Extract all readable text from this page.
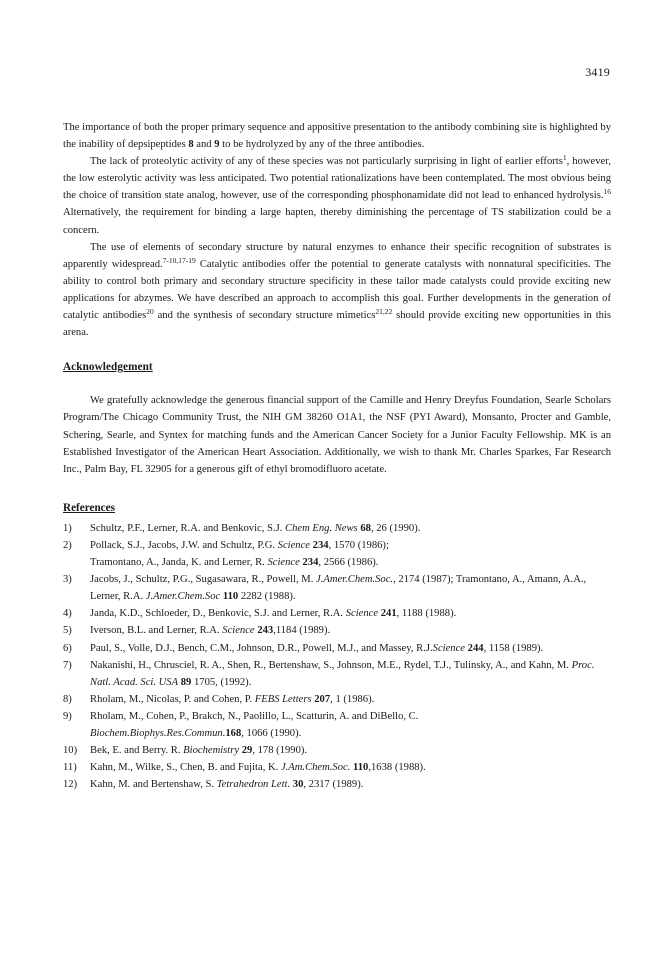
3419

The importance of both the proper primary sequence and appositive presentation to the antibody combining site is highlighted by the inability of depsipeptides 8 and 9 to be hydrolyzed by any of the three antibodies.

The lack of proteolytic activity of any of these species was not particularly surprising in light of earlier efforts$^1$, however, the low esterolytic activity was less anticipated. Two potential rationalizations have been contemplated. The most obvious being the choice of transition state analog, however, use of the corresponding phosphonamidate did not lead to enhanced hydrolysis.$^{16}$ Alternatively, the requirement for binding a large hapten, thereby diminishing the percentage of TS stabilization could be a concern.

The use of elements of secondary structure by natural enzymes to enhance their specific recognition of substrates is apparently widespread.$^{7-10,17-19}$ Catalytic antibodies offer the potential to generate catalysts with nonnatural specificities. The ability to control both primary and secondary structure specificity in these tailor made catalysts could provide exciting new applications for abzymes. We have described an approach to accomplish this goal. Further developments in the generation of catalytic antibodies$^{20}$ and the synthesis of secondary structure mimetics$^{21,22}$ should provide exciting new opportunities in this arena.

Acknowledgement

We gratefully acknowledge the generous financial support of the Camille and Henry Dreyfus Foundation, Searle Scholars Program/The Chicago Community Trust, the NIH GM 38260 O1A1, the NSF (PYI Award), Monsanto, Procter and Gamble, Schering, Searle, and Syntex for matching funds and the American Cancer Society for a Junior Faculty Fellowship. MK is an Established Investigator of the American Heart Association. Additionally, we wish to thank Mr. Charles Sparkes, Far Research Inc., Palm Bay, FL 32905 for a generous gift of ethyl bromodifluoro acetate.

References
1) Schultz, P.F., Lerner, R.A. and Benkovic, S.J. Chem Eng. News 68, 26 (1990).
2) Pollack, S.J., Jacobs, J.W. and Schultz, P.G. Science 234, 1570 (1986);
Tramontano, A., Janda, K. and Lerner, R. Science 234, 2566 (1986).
3) Jacobs, J., Schultz, P.G., Sugasawara, R., Powell, M. J.Amer.Chem.Soc., 2174 (1987); Tramontano, A., Amann, A.A., Lerner, R.A. J.Amer.Chem.Soc 110 2282 (1988).
4) Janda, K.D., Schloeder, D., Benkovic, S.J. and Lerner, R.A. Science 241, 1188 (1988).
5) Iverson, B.L. and Lerner, R.A. Science 243,1184 (1989).
6) Paul, S., Volle, D.J., Bench, C.M., Johnson, D.R., Powell, M.J., and Massey, R.J.Science 244, 1158 (1989).
7) Nakanishi, H., Chrusciel, R. A., Shen, R., Bertenshaw, S., Johnson, M.E., Rydel, T.J., Tulinsky, A., and Kahn, M. Proc. Natl. Acad. Sci. USA 89 1705, (1992).
8) Rholam, M., Nicolas, P. and Cohen, P. FEBS Letters 207, 1 (1986).
9) Rholam, M., Cohen, P., Brakch, N., Paolillo, L., Scatturin, A. and DiBello, C.
Biochem.Biophys.Res.Commun.168, 1066 (1990).
10) Bek, E. and Berry. R. Biochemistry 29, 178 (1990).
11) Kahn, M., Wilke, S., Chen, B. and Fujita, K. J.Am.Chem.Soc. 110,1638 (1988).
12) Kahn, M. and Bertenshaw, S. Tetrahedron Lett. 30, 2317 (1989).
